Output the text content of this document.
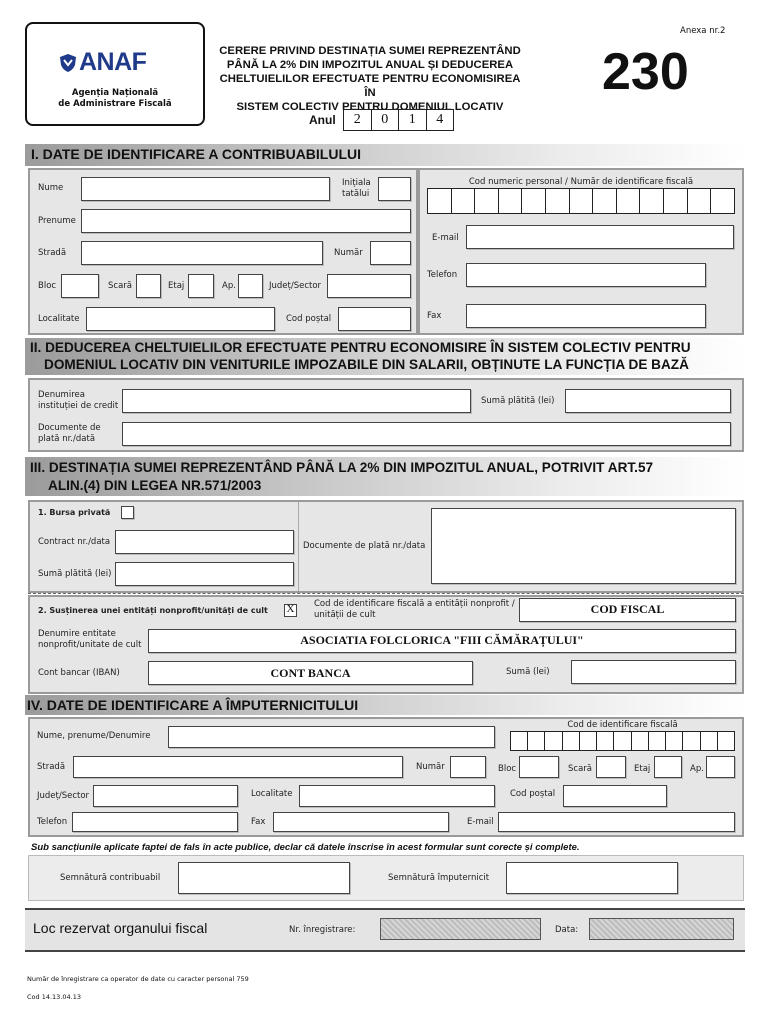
ANAF
Agenția Națională
de Administrare Fiscală
CERERE PRIVIND DESTINAȚIA SUMEI REPREZENTÂND
PÂNĂ LA 2% DIN IMPOZITUL ANUAL ȘI DEDUCEREA
CHELTUIELILOR EFECTUATE PENTRU ECONOMISIREA ÎN
SISTEM COLECTIV PENTRU DOMENIUL LOCATIV
Anexa nr.2
230
Anul	2	0	1	4
I. DATE DE IDENTIFICARE A CONTRIBUABILULUI
Nume	Inițiala
tatălui
Prenume
Stradă	Număr
Bloc	Scară	Etaj	Ap.	Județ/Sector
Localitate	Cod poștal
Cod numeric personal / Număr de identificare fiscală
E-mail
Telefon
Fax
II. DEDUCEREA CHELTUIELILOR EFECTUATE PENTRU ECONOMISIRE ÎN SISTEM COLECTIV PENTRU
DOMENIUL LOCATIV DIN VENITURILE IMPOZABILE DIN SALARII, OBȚINUTE LA FUNCȚIA DE BAZĂ
Denumirea
instituției de credit	Sumă plătită (lei)
Documente de
plată nr./dată
III. DESTINAȚIA SUMEI REPREZENTÂND PÂNĂ LA 2% DIN IMPOZITUL ANUAL, POTRIVIT ART.57
ALIN.(4) DIN LEGEA NR.571/2003
1. Bursa privată
Contract nr./data
Sumă plătită (lei)
Documente de plată nr./data
2. Susținerea unei entități nonprofit/unități de cult X Cod de identificare fiscală a entității nonprofit /
unității de cult	COD FISCAL
Denumire entitate
nonprofit/unitate de cult	ASOCIATIA FOLCLORICA "FIII CĂMĂRAȚULUI"
Cont bancar (IBAN)	CONT BANCA	Sumă (lei)
IV. DATE DE IDENTIFICARE A ÎMPUTERNICITULUI
Cod de identificare fiscală
Nume, prenume/Denumire
Stradă	Număr	Bloc	Scară	Etaj	Ap.
Județ/Sector	Localitate	Cod poștal
Telefon	Fax	E-mail
Sub sancțiunile aplicate faptei de fals în acte publice, declar că datele înscrise în acest formular sunt corecte și complete.
Semnătură contribuabil	Semnătură împuternicit
Loc rezervat organului fiscal	Nr. înregistrare:	Data:
Număr de înregistrare ca operator de date cu caracter personal 759
Cod 14.13.04.13
